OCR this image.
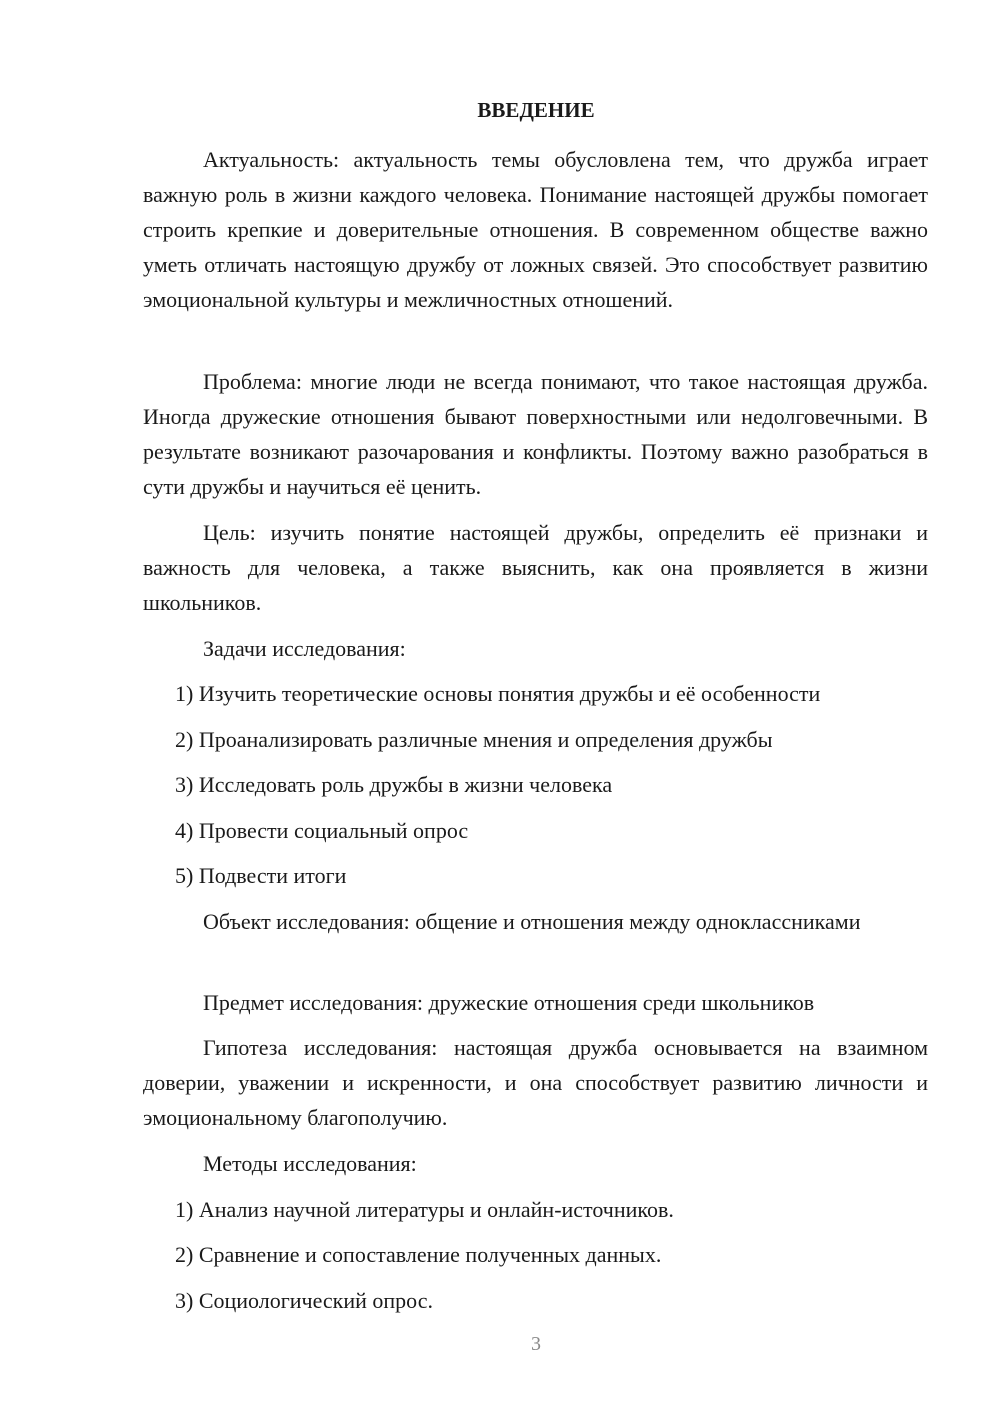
ВВЕДЕНИЕ

Актуальность: актуальность темы обусловлена тем, что дружба играет важную роль в жизни каждого человека. Понимание настоящей дружбы помогает строить крепкие и доверительные отношения. В современном обществе важно уметь отличать настоящую дружбу от ложных связей. Это способствует развитию эмоциональной культуры и межличностных отношений.

Проблема: многие люди не всегда понимают, что такое настоящая дружба. Иногда дружеские отношения бывают поверхностными или недолговечными. В результате возникают разочарования и конфликты. Поэтому важно разобраться в сути дружбы и научиться её ценить.

Цель: изучить понятие настоящей дружбы, определить её признаки и важность для человека, а также выяснить, как она проявляется в жизни школьников.

Задачи исследования:

1) Изучить теоретические основы понятия дружбы и её особенности

2) Проанализировать различные мнения и определения дружбы

3) Исследовать роль дружбы в жизни человека

4) Провести социальный опрос

5) Подвести итоги

Объект исследования: общение и отношения между одноклассниками

Предмет исследования: дружеские отношения среди школьников

Гипотеза исследования: настоящая дружба основывается на взаимном доверии, уважении и искренности, и она способствует развитию личности и эмоциональному благополучию.

Методы исследования:

1) Анализ научной литературы и онлайн-источников.

2) Сравнение и сопоставление полученных данных.

3) Социологический опрос.

3
